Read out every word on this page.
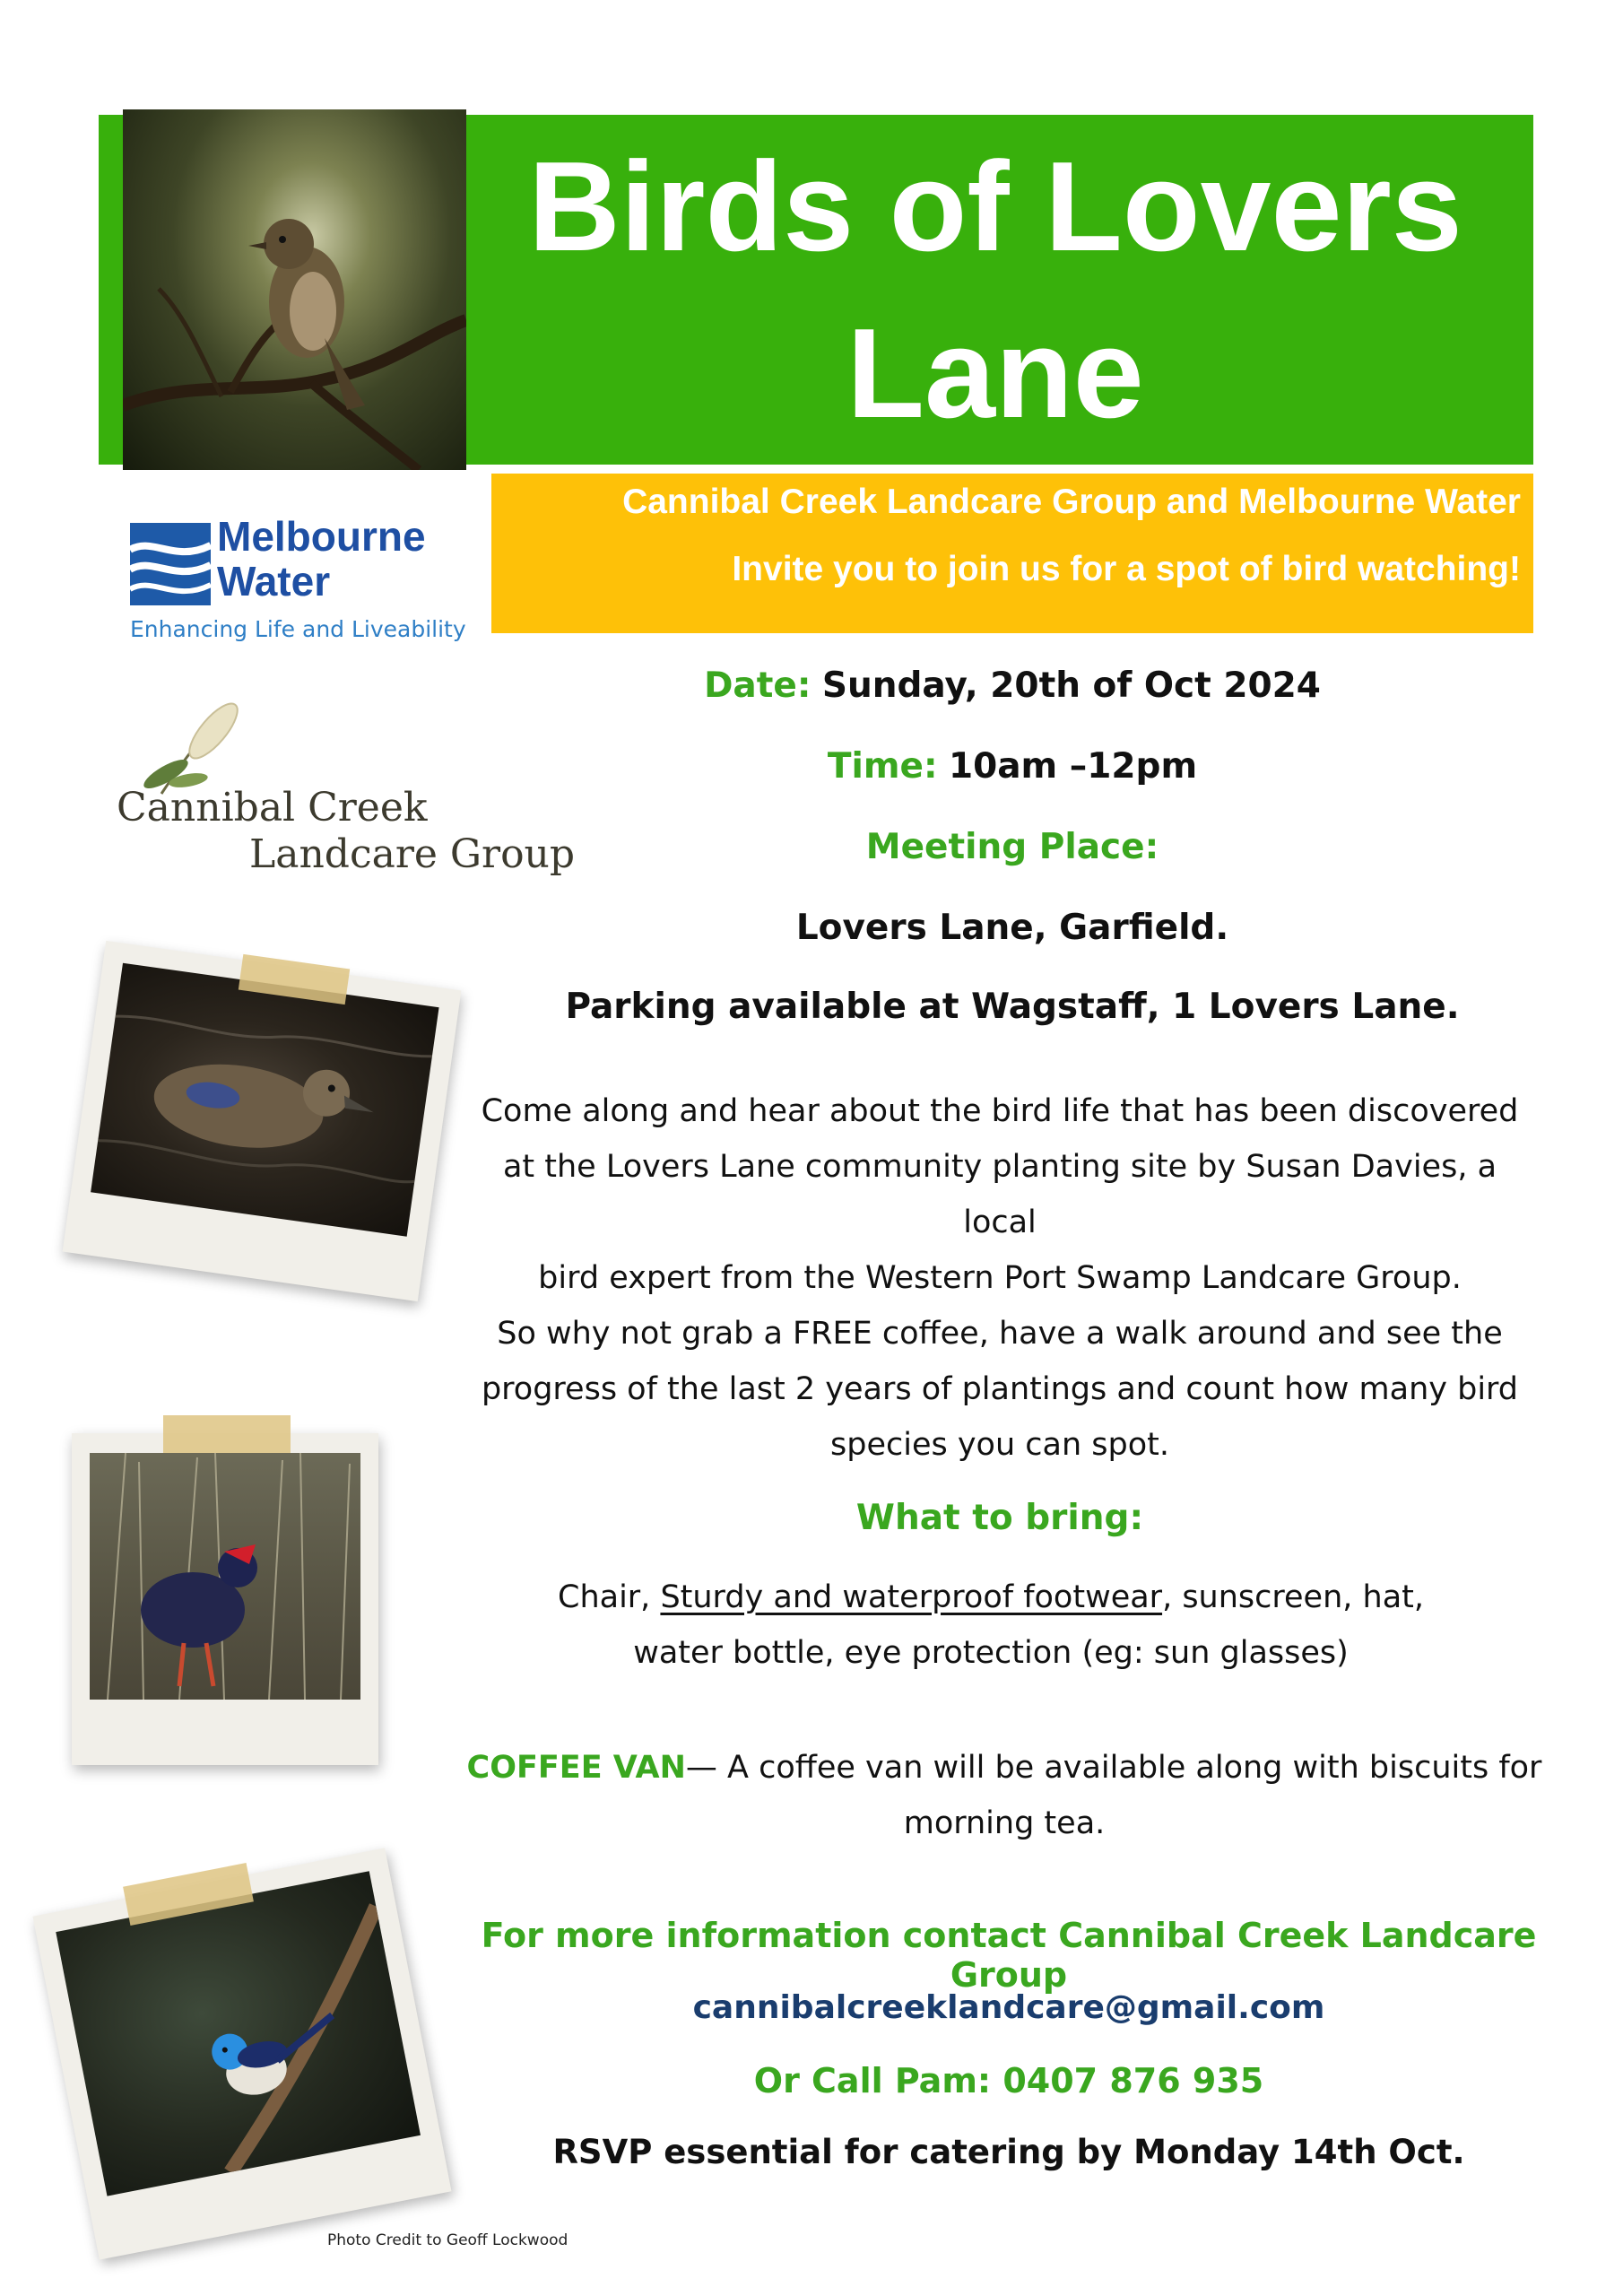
Birds of Lovers
Lane
Cannibal Creek Landcare Group and Melbourne Water
Invite you to join us for a spot of bird watching!
Melbourne
Water
Enhancing Life and Liveability
Cannibal Creek
Landcare Group
Date: Sunday, 20th of Oct 2024
Time: 10am –12pm
Meeting Place:
Lovers Lane, Garfield.
Parking available at Wagstaff, 1 Lovers Lane.
Come along and hear about the bird life that has been discovered
at the Lovers Lane community planting site by Susan Davies, a local
bird expert from the Western Port Swamp Landcare Group.
So why not grab a FREE coffee, have a walk around and see the
progress of the last 2 years of plantings and count how many bird
species you can spot.
What to bring:
Chair, Sturdy and waterproof footwear, sunscreen, hat,
water bottle, eye protection (eg: sun glasses)
COFFEE VAN— A coffee van will be available along with biscuits for
morning tea.
For more information contact Cannibal Creek Landcare Group
cannibalcreeklandcare@gmail.com
Or Call Pam: 0407 876 935
RSVP essential for catering by Monday 14th Oct.
Photo Credit to Geoff Lockwood
